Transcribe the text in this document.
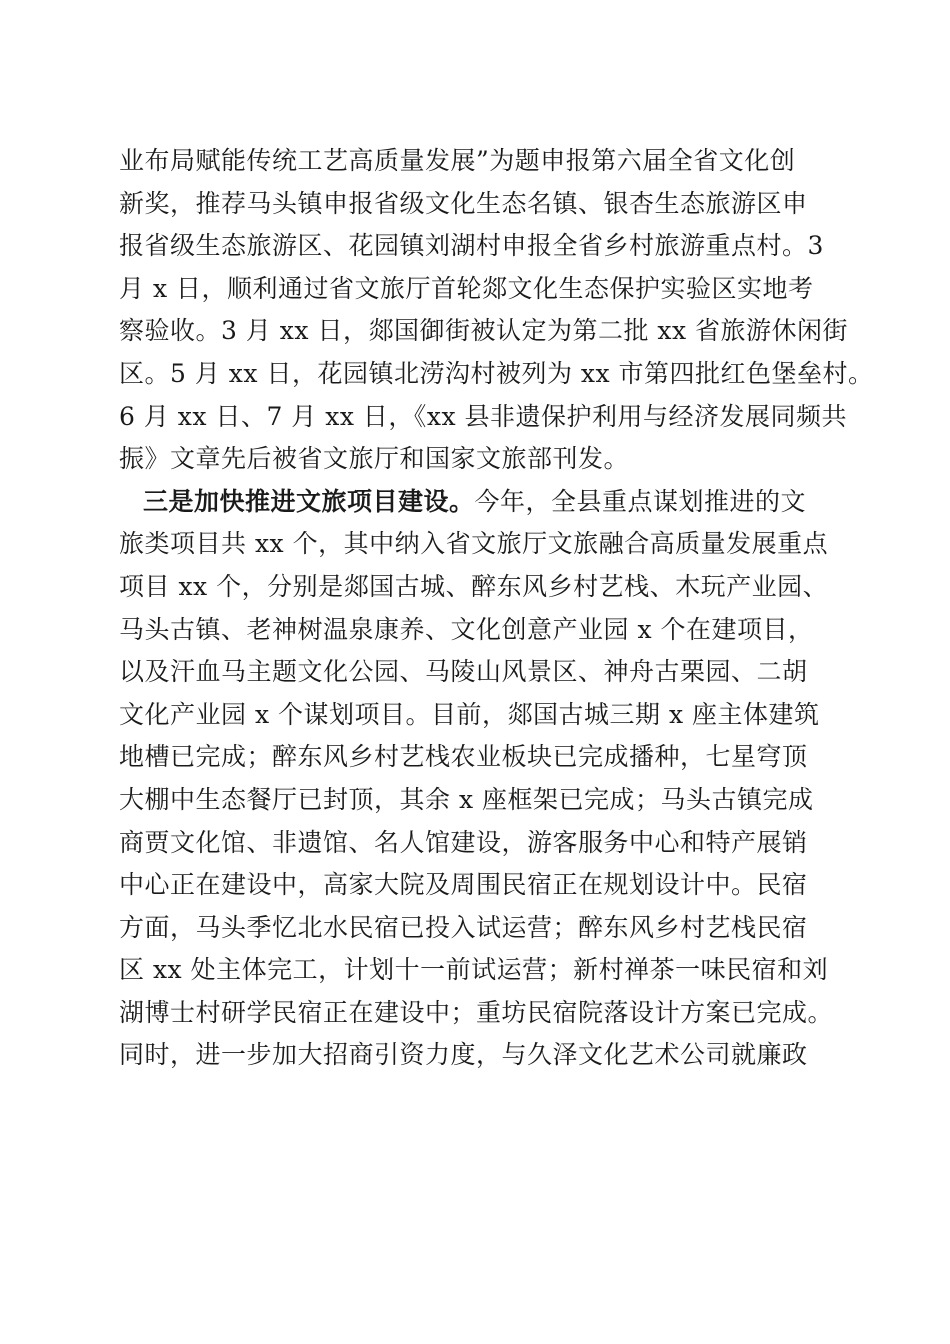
业布局赋能传统工艺高质量发展”为题申报第六届全省文化创
新奖，推荐马头镇申报省级文化生态名镇、银杏生态旅游区申
报省级生态旅游区、花园镇刘湖村申报全省乡村旅游重点村。3
月 x 日，顺利通过省文旅厅首轮郯文化生态保护实验区实地考
察验收。3 月 xx 日，郯国御街被认定为第二批 xx 省旅游休闲街
区。5 月 xx 日，花园镇北涝沟村被列为 xx 市第四批红色堡垒村。
6 月 xx 日、7 月 xx 日，《xx 县非遗保护利用与经济发展同频共
振》文章先后被省文旅厅和国家文旅部刊发。
三是加快推进文旅项目建设。今年，全县重点谋划推进的文
旅类项目共 xx 个，其中纳入省文旅厅文旅融合高质量发展重点
项目 xx 个，分别是郯国古城、醉东风乡村艺栈、木玩产业园、
马头古镇、老神树温泉康养、文化创意产业园 x 个在建项目，
以及汗血马主题文化公园、马陵山风景区、神舟古栗园、二胡
文化产业园 x 个谋划项目。目前，郯国古城三期 x 座主体建筑
地槽已完成；醉东风乡村艺栈农业板块已完成播种，七星穹顶
大棚中生态餐厅已封顶，其余 x 座框架已完成；马头古镇完成
商贾文化馆、非遗馆、名人馆建设，游客服务中心和特产展销
中心正在建设中，高家大院及周围民宿正在规划设计中。民宿
方面，马头季忆北水民宿已投入试运营；醉东风乡村艺栈民宿
区 xx 处主体完工，计划十一前试运营；新村禅茶一味民宿和刘
湖博士村研学民宿正在建设中；重坊民宿院落设计方案已完成。
同时，进一步加大招商引资力度，与久泽文化艺术公司就廉政
